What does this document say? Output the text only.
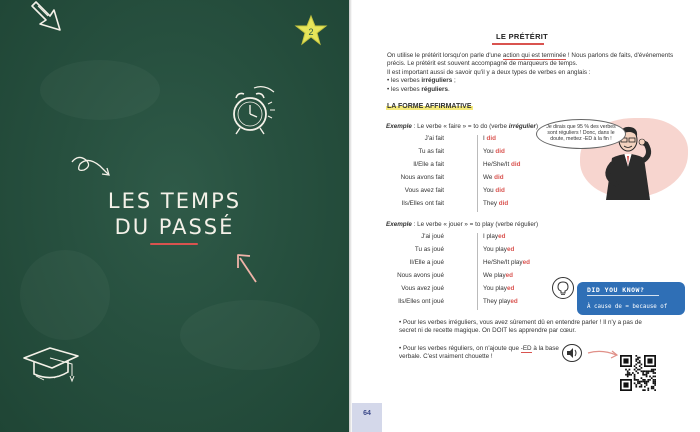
2
LES TEMPS
DU PASSÉ
LE PRÉTÉRIT

On utilise le prétérit lorsqu'on parle d'une action qui est terminée ! Nous parlons de faits, d'événements précis. Le prétérit est souvent accompagné de marqueurs de temps.

Il est important aussi de savoir qu'il y a deux types de verbes en anglais :

• les verbes irréguliers ;

• les verbes réguliers.

LA FORME AFFIRMATIVE
Exemple : Le verbe « faire » = to do (verbe irrégulier)
J'ai fait	I did
Tu as fait	You did
Il/Elle a fait	He/She/It did
Nous avons fait	We did
Vous avez fait	You did
Ils/Elles ont fait	They did
Exemple : Le verbe « jouer » = to play (verbe régulier)
J'ai joué	I played
Tu as joué	You played
Il/Elle a joué	He/She/It played
Nous avons joué	We played
Vous avez joué	You played
Ils/Elles ont joué	They played
Je dirais que 95 % des verbes
sont réguliers ! Donc, dans le
doute, mettez -ED à la fin !
DID YOU KNOW?
À cause de = because of
• Pour les verbes irréguliers, vous avez sûrement dû en entendre parler ! Il n'y a pas de secret ni de recette magique. On DOIT les apprendre par cœur.
• Pour les verbes réguliers, on n'ajoute que -ED à la base verbale. C'est vraiment chouette !
64
